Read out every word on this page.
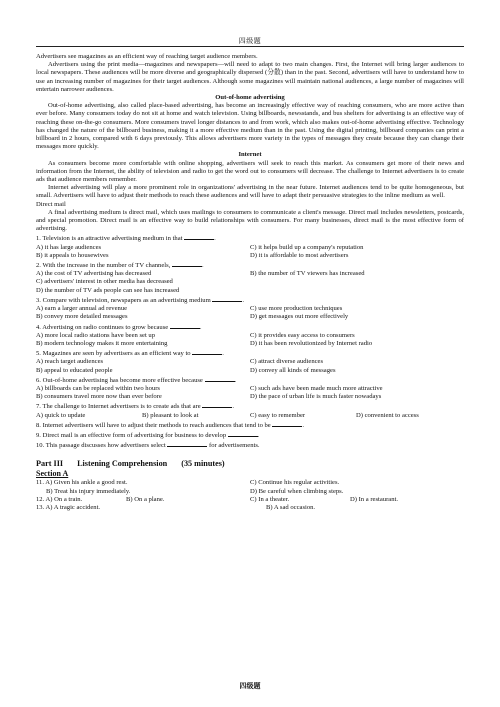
四级题

Advertisers see magazines as an efficient way of reaching target audience members.

Advertisers using the print media—magazines and newspapers—will need to adapt to two main changes. First, the Internet will bring larger audiences to local newspapers. These audiences will be more diverse and geographically dispersed (分散) than in the past. Second, advertisers will have to understand how to use an increasing number of magazines for their target audiences. Although some magazines will maintain national audiences, a large number of magazines will entertain narrower audiences.

Out-of-home advertising

Out-of-home advertising, also called place-based advertising, has become an increasingly effective way of reaching consumers, who are more active than ever before. Many consumers today do not sit at home and watch television. Using billboards, newsstands, and bus shelters for advertising is an effective way of reaching these on-the-go consumers. More consumers travel longer distances to and from work, which also makes out-of-home advertising effective. Technology has changed the nature of the billboard business, making it a more effective medium than in the past. Using the digital printing, billboard companies can print a billboard in 2 hours, compared with 6 days previously. This allows advertisers more variety in the types of messages they create because they can change their messages more quickly.

Internet

As consumers become more comfortable with online shopping, advertisers will seek to reach this market. As consumers get more of their news and information from the Internet, the ability of television and radio to get the word out to consumers will decrease. The challenge to Internet advertisers is to create ads that audience members remember.

Internet advertising will play a more prominent role in organizations' advertising in the near future. Internet audiences tend to be quite homogeneous, but small. Advertisers will have to adjust their methods to reach these audiences and will have to adapt their persuasive strategies to the inline medium as well.

Direct mail

A final advertising medium is direct mail, which uses mailings to consumers to communicate a client's message. Direct mail includes newsletters, postcards, and special promotion. Direct mail is an effective way to build relationships with consumers. For many businesses, direct mail is the most effective form of advertising.

1. Television is an attractive advertising medium in that	.

A) it has large audiences	C) it helps build up a company's reputation
B) it appeals to housewives	D) it is affordable to most advertisers

2. With the increase in the number of TV channels,	.

A) the cost of TV advertising has decreased	B) the number of TV viewers has increased

C) advertisers' interest in other media has decreased

D) the number of TV ads people can see has increased

3. Compare with television, newspapers as an advertising medium	.

A) earn a larger annual ad revenue	C) use more production techniques
B) convey more detailed messages	D) get messages out more effectively

4. Advertising on radio continues to grow because	.

A) more local radio stations have been set up	C) it provides easy access to consumers
B) modern technology makes it more entertaining	D) it has been revolutionized by Internet radio

5. Magazines are seen by advertisers as an efficient way to	.

A) reach target audiences	C) attract diverse audiences
B) appeal to educated people	D) convey all kinds of messages

6. Out-of-home advertising has become more effective because	.

A) billboards can be replaced within two hours	C) such ads have been made much more attractive
B) consumers travel more now than ever before	D) the pace of urban life is much faster nowadays

7. The challenge to Internet advertisers is to create ads that are	.

A) quick to update	B) pleasant to look at	C) easy to remember	D) convenient to access

8. Internet advertisers will have to adjust their methods to reach audiences that tend to be	.

9. Direct mail is an effective form of advertising for business to develop	.

10. This passage discusses how advertisers select	for advertisements.

Part III Listening Comprehension (35 minutes)
Section A
11. A) Given his ankle a good rest.	C) Continue his regular activities.
B) Treat his injury immediately.	D) Be careful when climbing steps.
12. A) On a train.	B) On a plane.	C) In a theater.	D) In a restaurant.
13. A) A tragic accident.	B) A sad occasion.
四级题
